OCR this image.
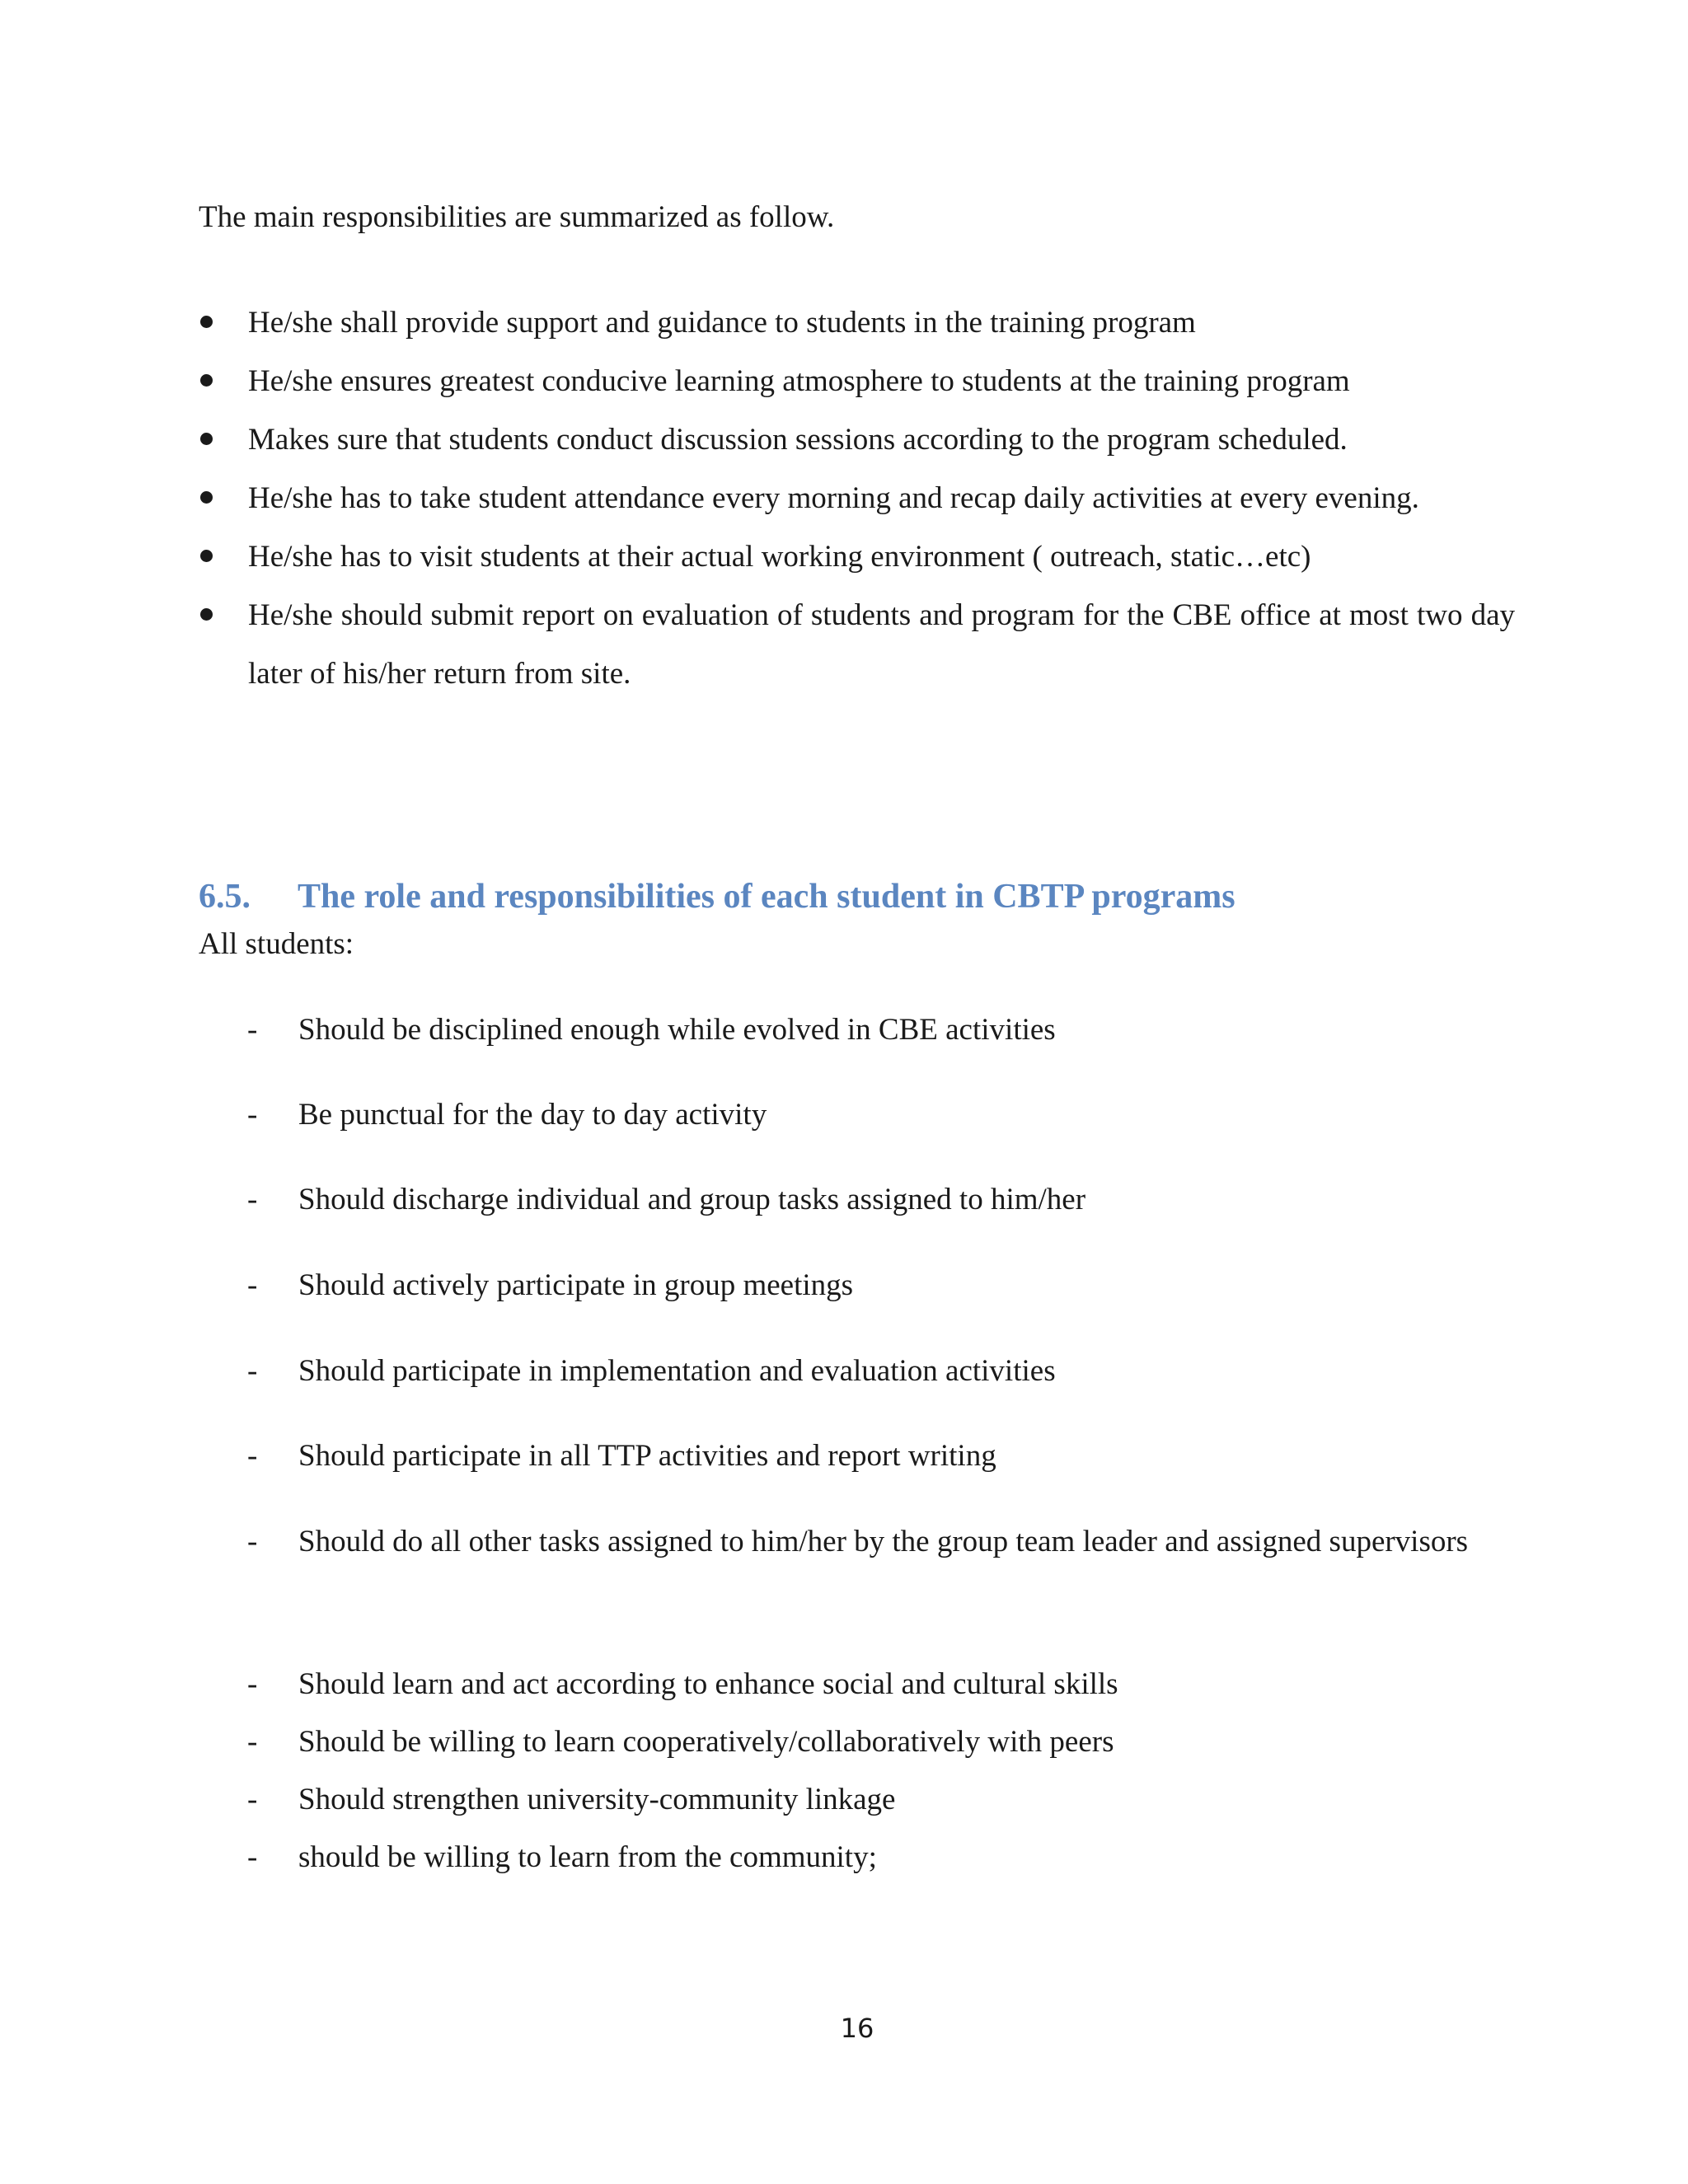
The main responsibilities are summarized as follow.
He/she shall provide support and guidance to students in the training program
He/she ensures greatest conducive learning atmosphere to students at the training program
Makes sure that students conduct discussion sessions according to the program scheduled.
He/she has to take student attendance every morning and recap daily activities at every evening.
He/she has to visit students at their actual working environment ( outreach, static…etc)
He/she should submit report on evaluation of students and program for the CBE office at most two day later of his/her return from site.
6.5. The role and responsibilities of each student in CBTP programs
All students:
- Should be disciplined enough while evolved in CBE activities
- Be punctual for the day to day activity
- Should discharge individual and group tasks assigned to him/her
- Should actively participate in group meetings
- Should participate in implementation and evaluation activities
- Should participate in all TTP activities and report writing
- Should do all other tasks assigned to him/her by the group team leader and assigned supervisors
- Should learn and act according to enhance social and cultural skills
- Should be willing to learn cooperatively/collaboratively with peers
- Should strengthen university-community linkage
- should be willing to learn from the community;
16
